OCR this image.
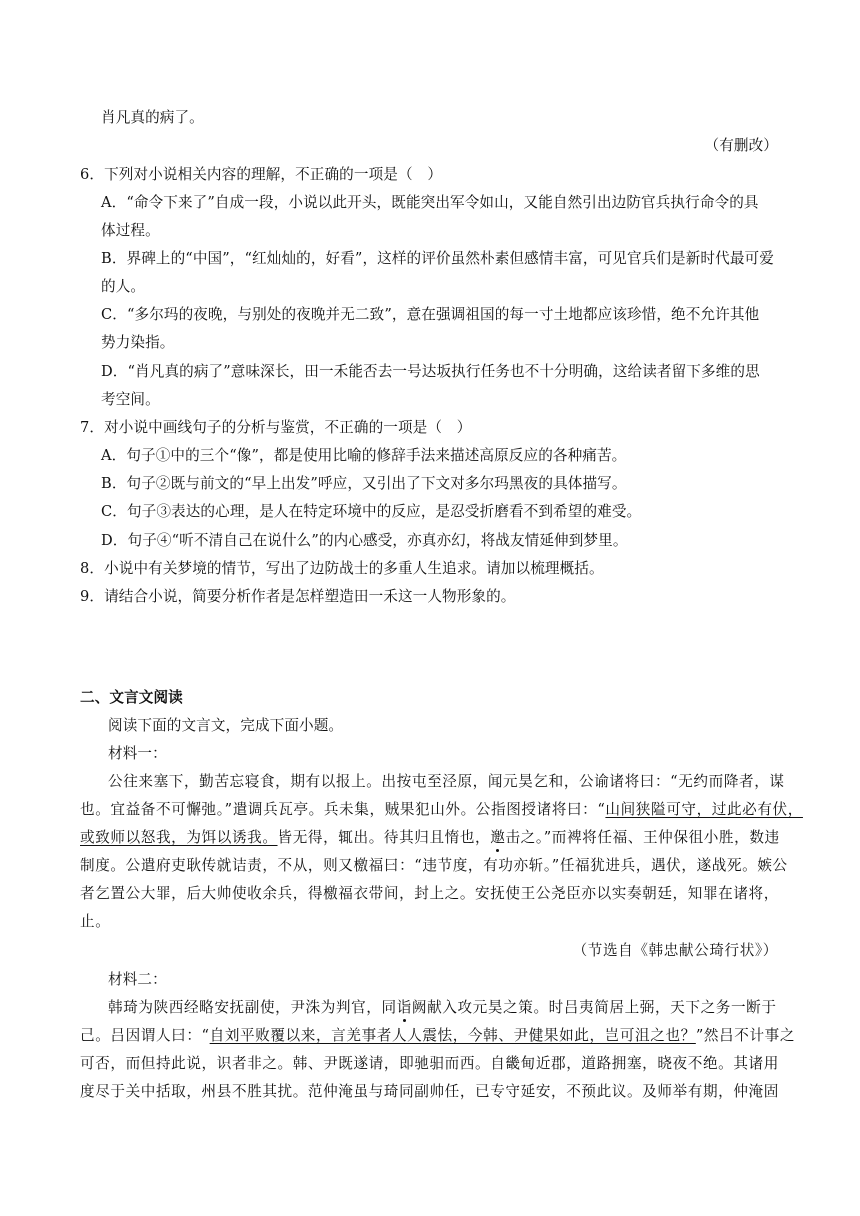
肖凡真的病了。
（有删改）
6．下列对小说相关内容的理解，不正确的一项是（　）
A．“命令下来了”自成一段，小说以此开头，既能突出军令如山，又能自然引出边防官兵执行命令的具
体过程。
B．界碑上的“中国”，“红灿灿的，好看”，这样的评价虽然朴素但感情丰富，可见官兵们是新时代最可爱
的人。
C．“多尔玛的夜晚，与别处的夜晚并无二致”，意在强调祖国的每一寸土地都应该珍惜，绝不允许其他
势力染指。
D．“肖凡真的病了”意味深长，田一禾能否去一号达坂执行任务也不十分明确，这给读者留下多维的思
考空间。
7．对小说中画线句子的分析与鉴赏，不正确的一项是（　）
A．句子①中的三个“像”，都是使用比喻的修辞手法来描述高原反应的各种痛苦。
B．句子②既与前文的“早上出发”呼应，又引出了下文对多尔玛黑夜的具体描写。
C．句子③表达的心理，是人在特定环境中的反应，是忍受折磨看不到希望的难受。
D．句子④“听不清自己在说什么”的内心感受，亦真亦幻，将战友情延伸到梦里。
8．小说中有关梦境的情节，写出了边防战士的多重人生追求。请加以梳理概括。
9．请结合小说，简要分析作者是怎样塑造田一禾这一人物形象的。
二、文言文阅读
阅读下面的文言文，完成下面小题。
材料一：
公往来塞下，勤苦忘寝食，期有以报上。出按屯至泾原，闻元昊乞和，公谕诸将曰：“无约而降者，谋
也。宜益备不可懈弛。”遣调兵瓦亭。兵未集，贼果犯山外。公指图授诸将曰：“山间狭隘可守，过此必有伏，
或致师以怒我，为饵以诱我。皆无得，辄出。待其归且惰也，邀击之。”而裨将任福、王仲保徂小胜，数违
制度。公遣府吏耿传就诘责，不从，则又檄福曰：“违节度，有功亦斩。”任福犹进兵，遇伏，遂战死。嫉公
者乞置公大罪，后大帅使收余兵，得檄福衣带间，封上之。安抚使王公尧臣亦以实奏朝廷，知罪在诸将，
止。
（节选自《韩忠献公琦行状》）
材料二：
韩琦为陕西经略安抚副使，尹洙为判官，同诣阙献入攻元昊之策。时吕夷简居上弼，天下之务一断于
己。吕因谓人曰：“自刘平败覆以来，言羌事者人人震怯，今韩、尹健果如此，岂可沮之也？”然吕不计事之
可否，而但持此说，识者非之。韩、尹既遂请，即驰驲而西。自畿甸近郡，道路拥塞，晓夜不绝。其诸用
度尽于关中括取，州县不胜其扰。范仲淹虽与琦同副帅任，已专守延安，不预此议。及师举有期，仲淹固
